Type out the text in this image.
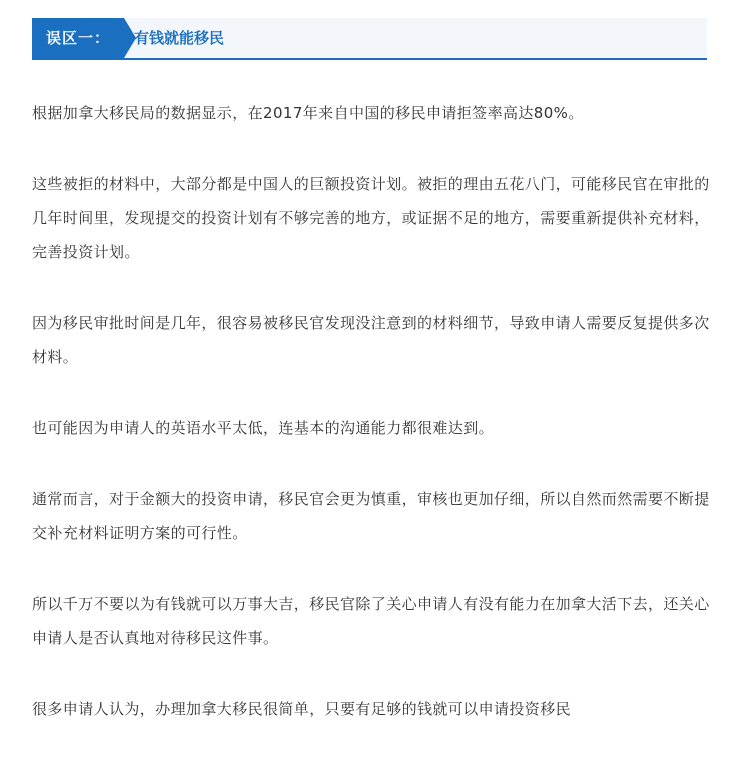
误区一：	有钱就能移民

根据加拿大移民局的数据显示，在2017年来自中国的移民申请拒签率高达80%。

这些被拒的材料中，大部分都是中国人的巨额投资计划。被拒的理由五花八门，可能移民官在审批的几年时间里，发现提交的投资计划有不够完善的地方，或证据不足的地方，需要重新提供补充材料，完善投资计划。

因为移民审批时间是几年，很容易被移民官发现没注意到的材料细节，导致申请人需要反复提供多次材料。

也可能因为申请人的英语水平太低，连基本的沟通能力都很难达到。

通常而言，对于金额大的投资申请，移民官会更为慎重，审核也更加仔细，所以自然而然需要不断提交补充材料证明方案的可行性。

所以千万不要以为有钱就可以万事大吉，移民官除了关心申请人有没有能力在加拿大活下去，还关心申请人是否认真地对待移民这件事。

很多申请人认为，办理加拿大移民很简单，只要有足够的钱就可以申请投资移民
